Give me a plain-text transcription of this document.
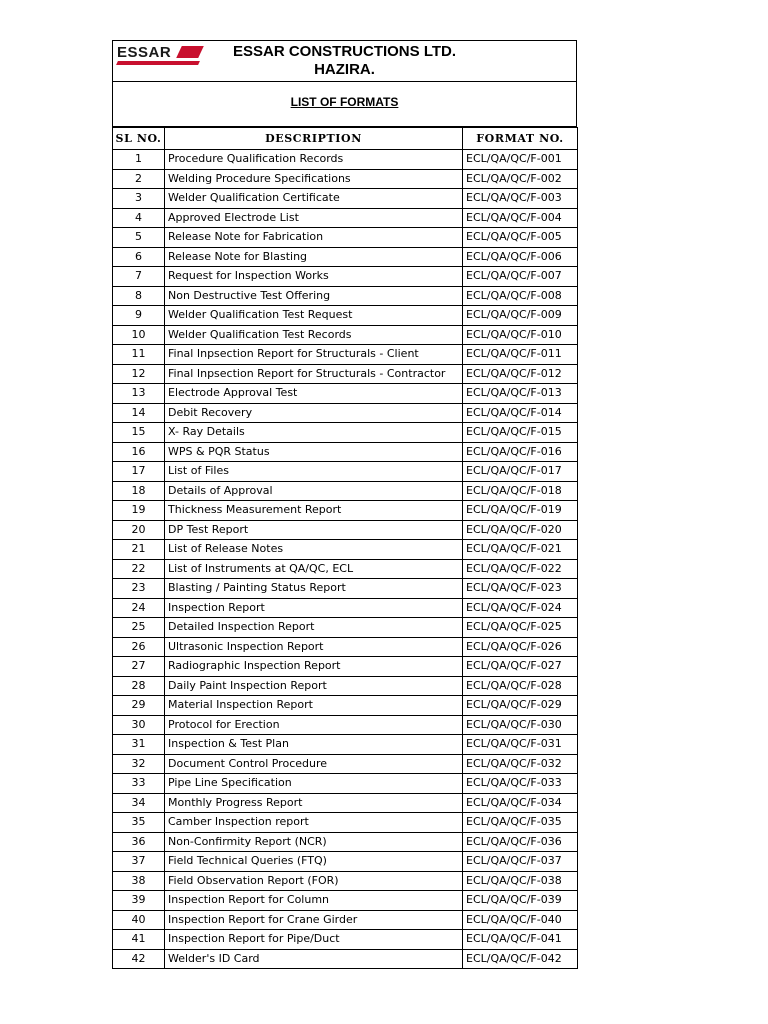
ESSAR	ESSAR CONSTRUCTIONS LTD.
HAZIRA.
LIST OF FORMATS
SL NO.	DESCRIPTION	FORMAT NO.
1	Procedure Qualification Records	ECL/QA/QC/F-001
2	Welding Procedure Specifications	ECL/QA/QC/F-002
3	Welder Qualification Certificate	ECL/QA/QC/F-003
4	Approved Electrode List	ECL/QA/QC/F-004
5	Release Note for Fabrication	ECL/QA/QC/F-005
6	Release Note for Blasting	ECL/QA/QC/F-006
7	Request for Inspection Works	ECL/QA/QC/F-007
8	Non Destructive Test Offering	ECL/QA/QC/F-008
9	Welder Qualification Test Request	ECL/QA/QC/F-009
10	Welder Qualification Test Records	ECL/QA/QC/F-010
11	Final Inpsection Report for Structurals - Client	ECL/QA/QC/F-011
12	Final Inpsection Report for Structurals - Contractor	ECL/QA/QC/F-012
13	Electrode Approval Test	ECL/QA/QC/F-013
14	Debit Recovery	ECL/QA/QC/F-014
15	X- Ray Details	ECL/QA/QC/F-015
16	WPS & PQR Status	ECL/QA/QC/F-016
17	List of Files	ECL/QA/QC/F-017
18	Details of Approval	ECL/QA/QC/F-018
19	Thickness Measurement Report	ECL/QA/QC/F-019
20	DP Test Report	ECL/QA/QC/F-020
21	List of Release Notes	ECL/QA/QC/F-021
22	List of Instruments at QA/QC, ECL	ECL/QA/QC/F-022
23	Blasting / Painting Status Report	ECL/QA/QC/F-023
24	Inspection Report	ECL/QA/QC/F-024
25	Detailed Inspection Report	ECL/QA/QC/F-025
26	Ultrasonic Inspection Report	ECL/QA/QC/F-026
27	Radiographic Inspection Report	ECL/QA/QC/F-027
28	Daily Paint Inspection Report	ECL/QA/QC/F-028
29	Material Inspection Report	ECL/QA/QC/F-029
30	Protocol for Erection	ECL/QA/QC/F-030
31	Inspection & Test Plan	ECL/QA/QC/F-031
32	Document Control Procedure	ECL/QA/QC/F-032
33	Pipe Line Specification	ECL/QA/QC/F-033
34	Monthly Progress Report	ECL/QA/QC/F-034
35	Camber Inspection report	ECL/QA/QC/F-035
36	Non-Confirmity Report (NCR)	ECL/QA/QC/F-036
37	Field Technical Queries (FTQ)	ECL/QA/QC/F-037
38	Field Observation Report (FOR)	ECL/QA/QC/F-038
39	Inspection Report for Column	ECL/QA/QC/F-039
40	Inspection Report for Crane Girder	ECL/QA/QC/F-040
41	Inspection Report for Pipe/Duct	ECL/QA/QC/F-041
42	Welder's ID Card	ECL/QA/QC/F-042
